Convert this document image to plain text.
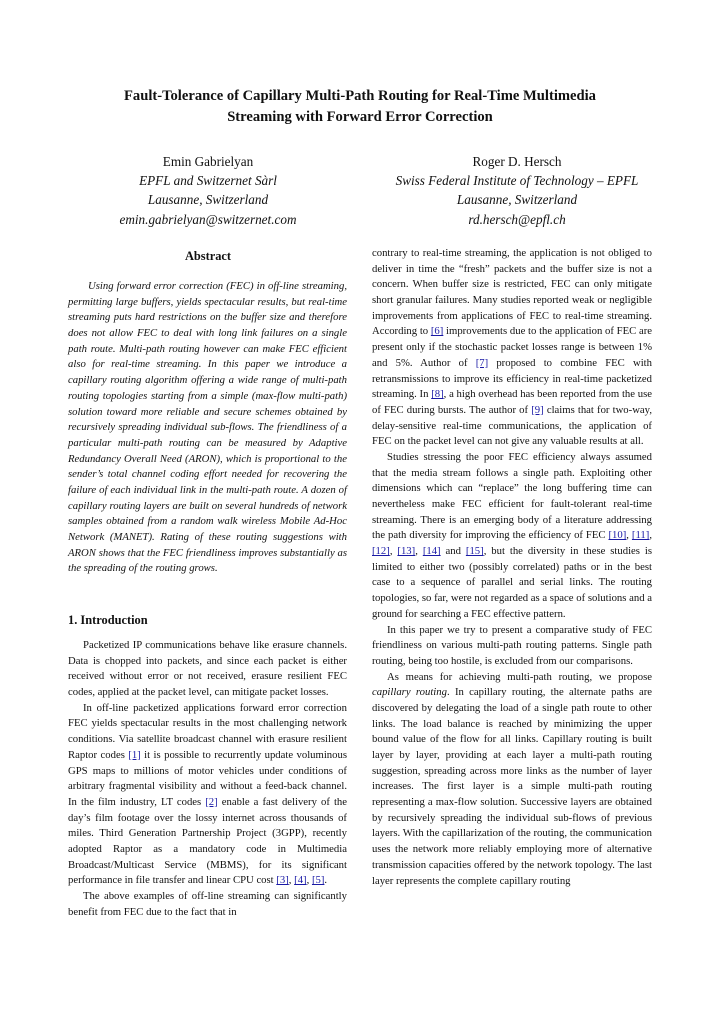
Fault-Tolerance of Capillary Multi-Path Routing for Real-Time Multimedia
Streaming with Forward Error Correction
Emin Gabrielyan
EPFL and Switzernet Sàrl
Lausanne, Switzerland
emin.gabrielyan@switzernet.com
Roger D. Hersch
Swiss Federal Institute of Technology – EPFL
Lausanne, Switzerland
rd.hersch@epfl.ch
Abstract

Using forward error correction (FEC) in off-line streaming, permitting large buffers, yields spectacular results, but real-time streaming puts hard restrictions on the buffer size and therefore does not allow FEC to deal with long link failures on a single path route. Multi-path routing however can make FEC efficient also for real-time streaming. In this paper we introduce a capillary routing algorithm offering a wide range of multi-path routing topologies starting from a simple (max-flow multi-path) solution toward more reliable and secure schemes obtained by recursively spreading individual sub-flows. The friendliness of a particular multi-path routing can be measured by Adaptive Redundancy Overall Need (ARON), which is proportional to the sender’s total channel coding effort needed for recovering the failure of each individual link in the multi-path route. A dozen of capillary routing layers are built on several hundreds of network samples obtained from a random walk wireless Mobile Ad-Hoc Network (MANET). Rating of these routing suggestions with ARON shows that the FEC friendliness improves substantially as the spreading of the routing grows.

1. Introduction

Packetized IP communications behave like erasure channels. Data is chopped into packets, and since each packet is either received without error or not received, erasure resilient FEC codes, applied at the packet level, can mitigate packet losses.

In off-line packetized applications forward error correction FEC yields spectacular results in the most challenging network conditions. Via satellite broadcast channel with erasure resilient Raptor codes [1] it is possible to recurrently update voluminous GPS maps to millions of motor vehicles under conditions of arbitrary fragmental visibility and without a feed-back channel. In the film industry, LT codes [2] enable a fast delivery of the day’s film footage over the lossy internet across thousands of miles. Third Generation Partnership Project (3GPP), recently adopted Raptor as a mandatory code in Multimedia Broadcast/Multicast Service (MBMS), for its significant performance in file transfer and linear CPU cost [3], [4], [5].

The above examples of off-line streaming can significantly benefit from FEC due to the fact that in

contrary to real-time streaming, the application is not obliged to deliver in time the “fresh” packets and the buffer size is not a concern. When buffer size is restricted, FEC can only mitigate short granular failures. Many studies reported weak or negligible improvements from applications of FEC to real-time streaming. According to [6] improvements due to the application of FEC are present only if the stochastic packet losses range is between 1% and 5%. Author of [7] proposed to combine FEC with retransmissions to improve its efficiency in real-time packetized streaming. In [8], a high overhead has been reported from the use of FEC during bursts. The author of [9] claims that for two-way, delay-sensitive real-time communications, the application of FEC on the packet level can not give any valuable results at all.

Studies stressing the poor FEC efficiency always assumed that the media stream follows a single path. Exploiting other dimensions which can “replace” the long buffering time can nevertheless make FEC efficient for fault-tolerant real-time streaming. There is an emerging body of a literature addressing the path diversity for improving the efficiency of FEC [10], [11], [12], [13], [14] and [15], but the diversity in these studies is limited to either two (possibly correlated) paths or in the best case to a sequence of parallel and serial links. The routing topologies, so far, were not regarded as a space of solutions and a ground for searching a FEC effective pattern.

In this paper we try to present a comparative study of FEC friendliness on various multi-path routing patterns. Single path routing, being too hostile, is excluded from our comparisons.

As means for achieving multi-path routing, we propose capillary routing. In capillary routing, the alternate paths are discovered by delegating the load of a single path route to other links. The load balance is reached by minimizing the upper bound value of the flow for all links. Capillary routing is built layer by layer, providing at each layer a multi-path routing suggestion, spreading across more links as the number of layer increases. The first layer is a simple multi-path routing representing a max-flow solution. Successive layers are obtained by recursively spreading the individual sub-flows of previous layers. With the capillarization of the routing, the communication uses the network more reliably employing more of alternative transmission capacities offered by the network topology. The last layer represents the complete capillary routing
